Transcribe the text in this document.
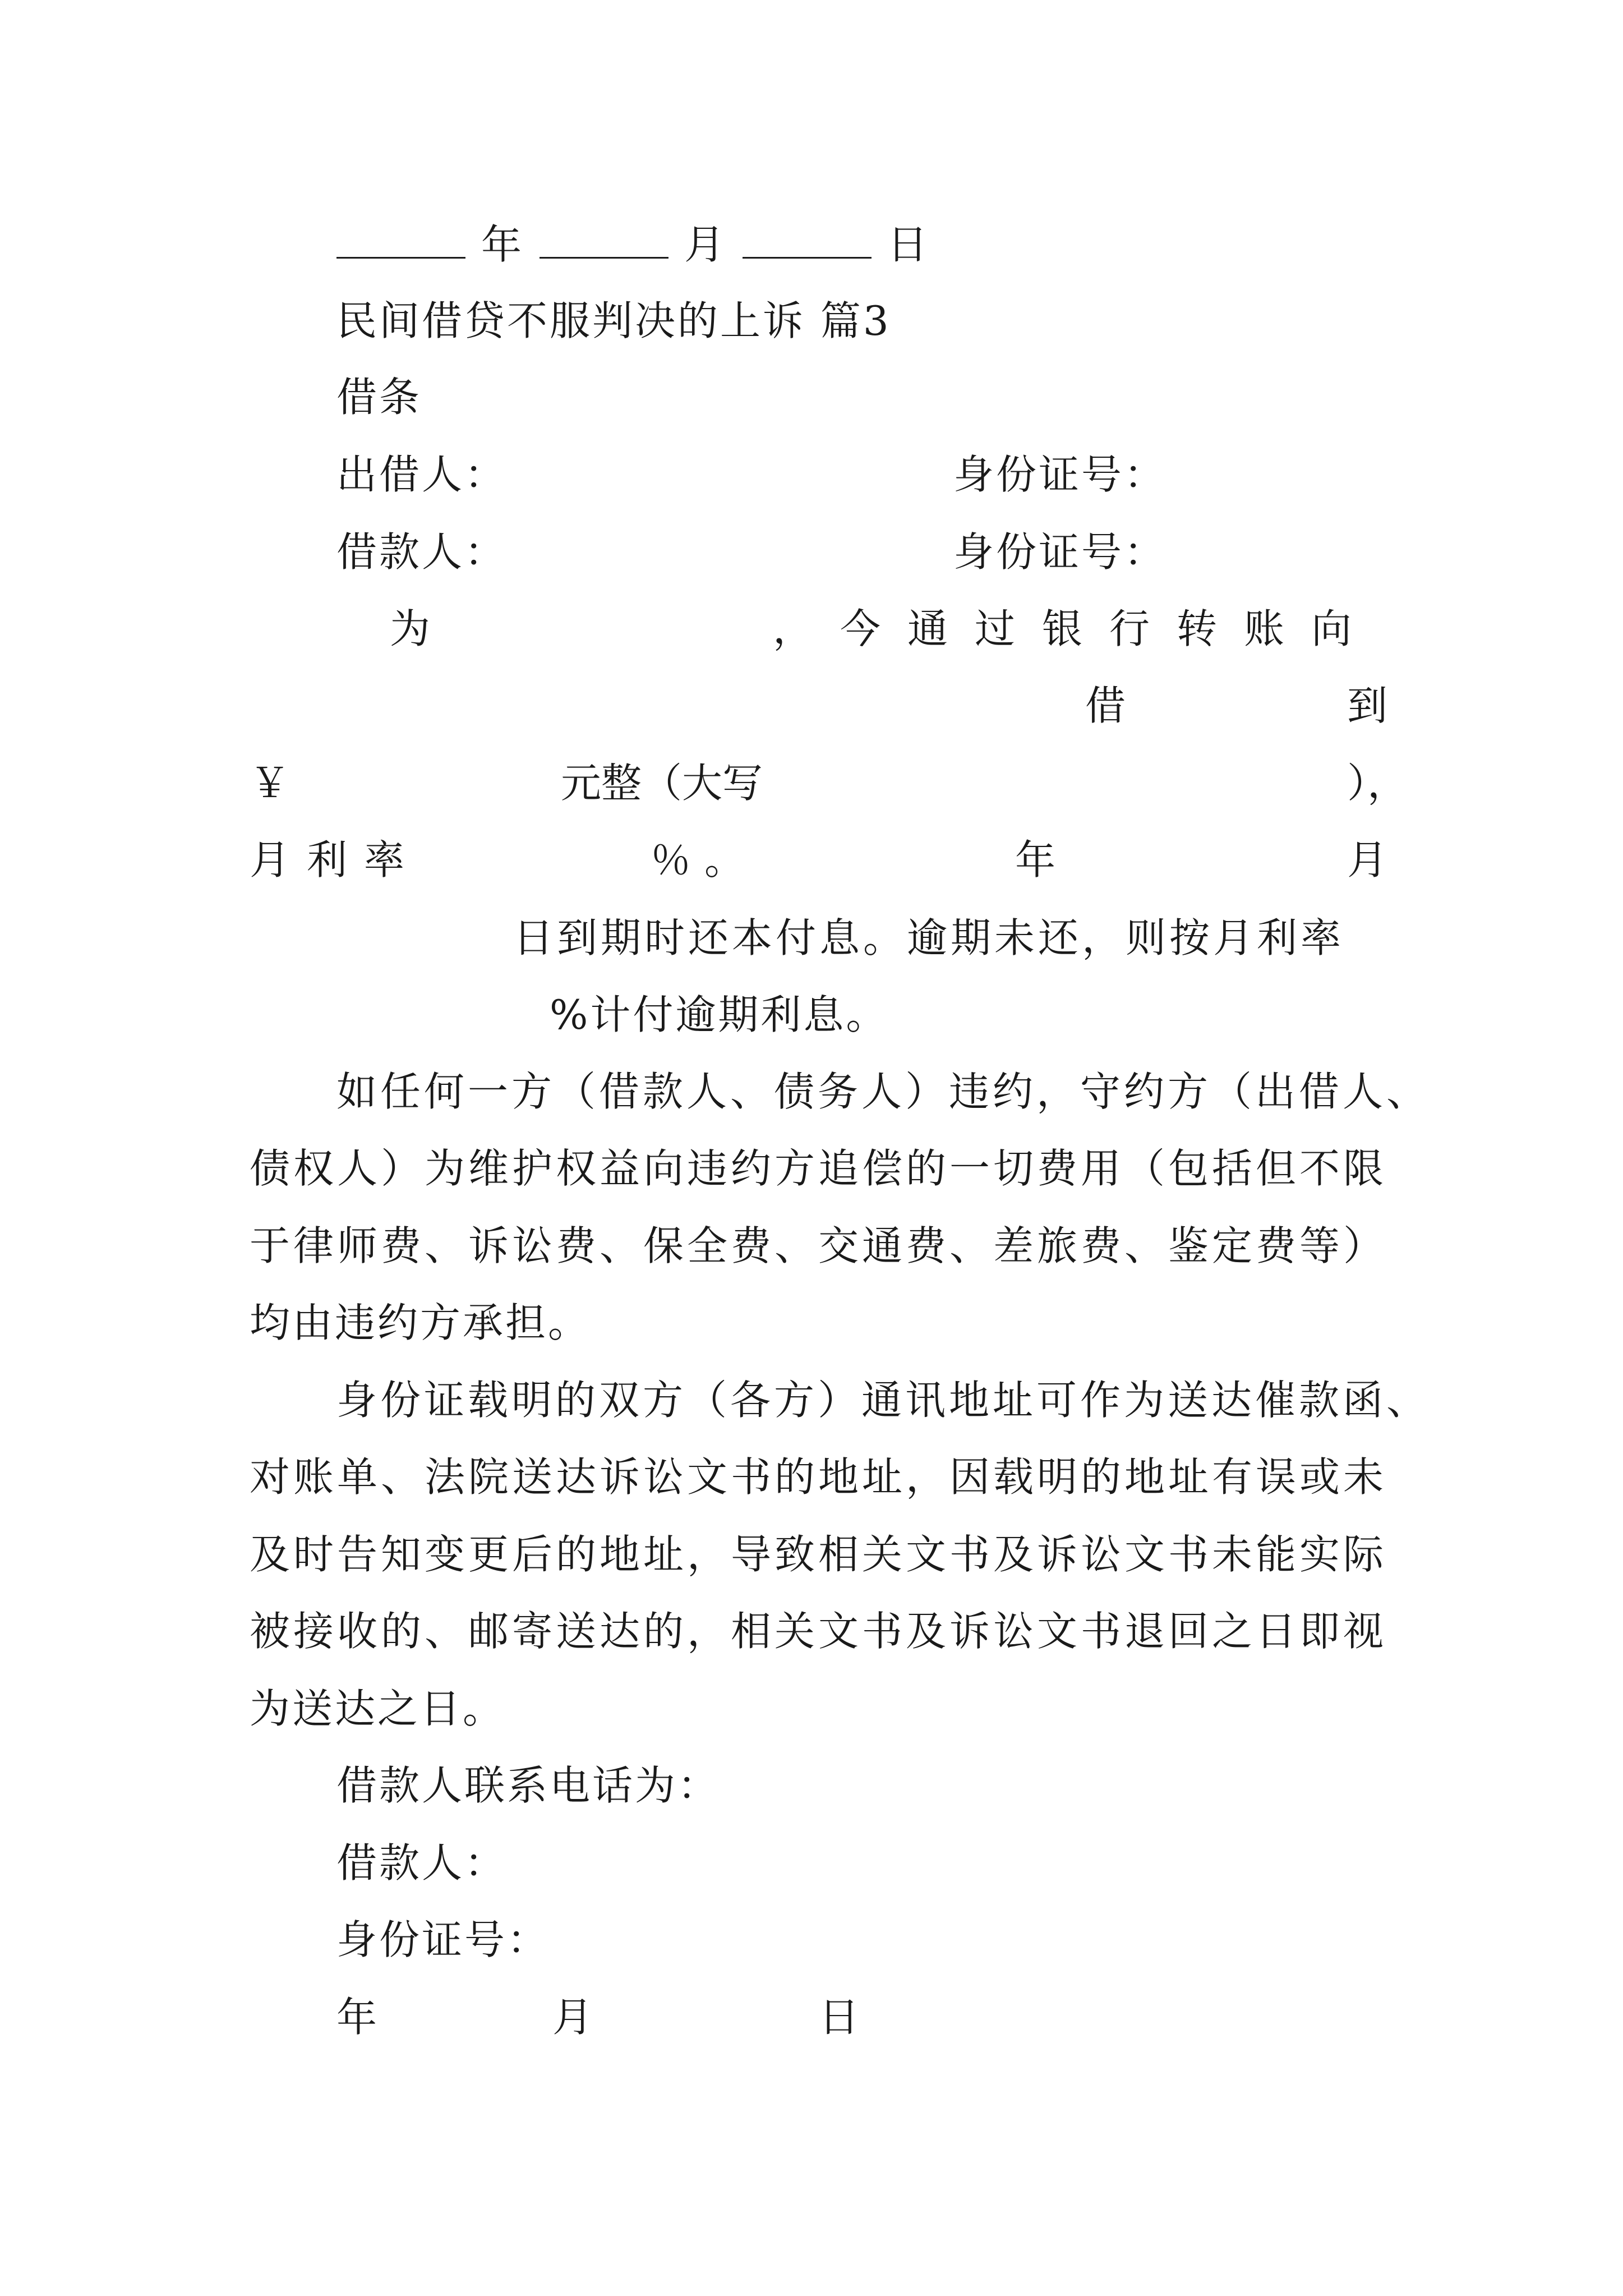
年	月	日
民间借贷不服判决的上诉 篇3
借条
出借人：	身份证号：
借款人：	身份证号：
为	，今通过银行转账向
借	到
￥	元整（大写	），
月利率	％。	年	月
日到期时还本付息。逾期未还，则按月利率
%计付逾期利息。
如任何一方（借款人、债务人）违约，守约方（出借人、
债权人）为维护权益向违约方追偿的一切费用（包括但不限
于律师费、诉讼费、保全费、交通费、差旅费、鉴定费等）
均由违约方承担。
身份证载明的双方（各方）通讯地址可作为送达催款函、
对账单、法院送达诉讼文书的地址，因载明的地址有误或未
及时告知变更后的地址，导致相关文书及诉讼文书未能实际
被接收的、邮寄送达的，相关文书及诉讼文书退回之日即视
为送达之日。
借款人联系电话为：
借款人：
身份证号：
年	月	日
